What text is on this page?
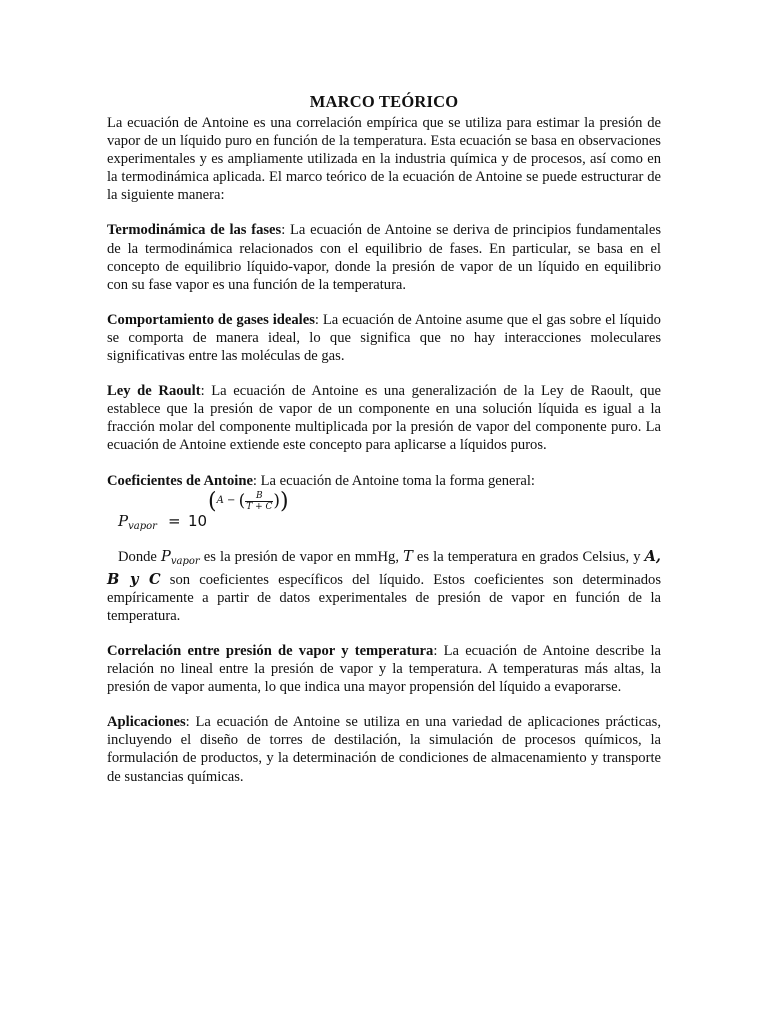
MARCO TEÓRICO

La ecuación de Antoine es una correlación empírica que se utiliza para estimar la presión de vapor de un líquido puro en función de la temperatura. Esta ecuación se basa en observaciones experimentales y es ampliamente utilizada en la industria química y de procesos, así como en la termodinámica aplicada. El marco teórico de la ecuación de Antoine se puede estructurar de la siguiente manera:

Termodinámica de las fases: La ecuación de Antoine se deriva de principios fundamentales de la termodinámica relacionados con el equilibrio de fases. En particular, se basa en el concepto de equilibrio líquido-vapor, donde la presión de vapor de un líquido en equilibrio con su fase vapor es una función de la temperatura.

Comportamiento de gases ideales: La ecuación de Antoine asume que el gas sobre el líquido se comporta de manera ideal, lo que significa que no hay interacciones moleculares significativas entre las moléculas de gas.

Ley de Raoult: La ecuación de Antoine es una generalización de la Ley de Raoult, que establece que la presión de vapor de un componente en una solución líquida es igual a la fracción molar del componente multiplicada por la presión de vapor del componente puro. La ecuación de Antoine extiende este concepto para aplicarse a líquidos puros.

Coeficientes de Antoine: La ecuación de Antoine toma la forma general:

$P_{vapor} = 10$
(A − ( $\frac{B}{T + C}$ ))

Donde $P_{vapor}$ es la presión de vapor en mmHg, T es la temperatura en grados Celsius, y A, B y C son coeficientes específicos del líquido. Estos coeficientes son determinados empíricamente a partir de datos experimentales de presión de vapor en función de la temperatura.

Correlación entre presión de vapor y temperatura: La ecuación de Antoine describe la relación no lineal entre la presión de vapor y la temperatura. A temperaturas más altas, la presión de vapor aumenta, lo que indica una mayor propensión del líquido a evaporarse.

Aplicaciones: La ecuación de Antoine se utiliza en una variedad de aplicaciones prácticas, incluyendo el diseño de torres de destilación, la simulación de procesos químicos, la formulación de productos, y la determinación de condiciones de almacenamiento y transporte de sustancias químicas.
